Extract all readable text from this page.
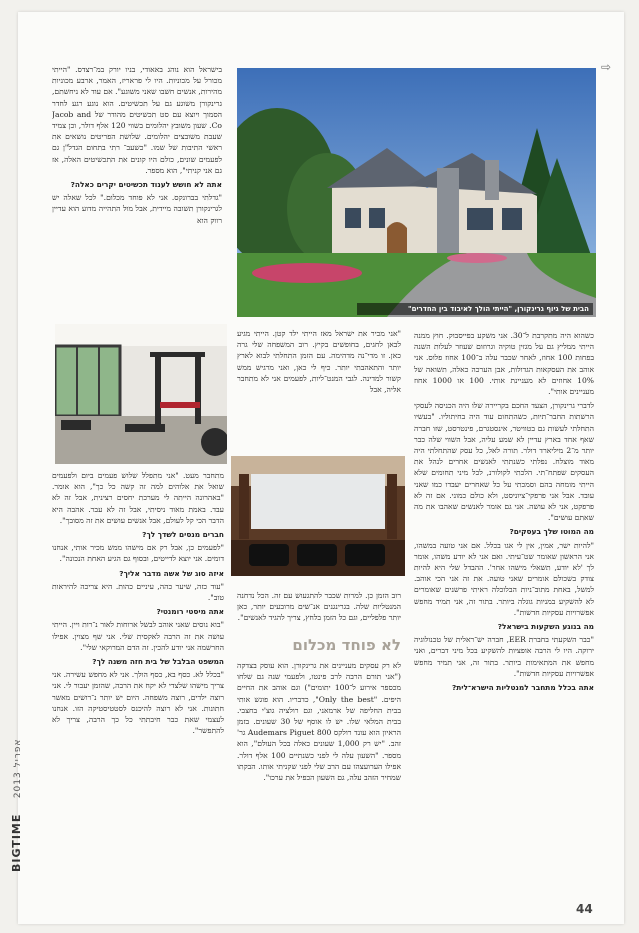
⇨

בישראל הוא נוהג באאודי, בניו יורק במ־רצדס. "הייתי מכורל על מכוניות. היו לי פראריז, האמר, ארבע מכוניות מהירות, אנשים חשבו שאני משוגע". אם עוד לא ניחשתם, גרינקורן משוגע גם על תכשיטים. הוא נוגע רגע לחדר הסמוך ויוצא עם סט תכשיטים מהודר של Jacob and Co. שעון משובץ יהלומים בשווי 120 אלף דולר, וכן צמיד שעבת משובצים יהלומים. שלושת הפריטים נושאים את ראשי התיבות של שמו. "כשעב־ רתי בתחום הגדל"ן גם לפעמים שונים, כולם היו קונים את התכשיטים האלה, אז גם אני קניתי", הוא מספר.

אתה לא חושש לענוד תכשיטים יקרים כאלה?

"גדלתי בברונקס. אני לא פוחד מכלום." לכל שאלה יש לגרינקורן תשובה מיידית, אבל מול התהייה מדוע הוא עדיין רווק הוא

הבית של גיוף גרינקורן, "הייתי הולך לאיבוד בין החדרים"

כשהוא היה מתקרבת ל־30. אני משקע בפייסבוק. חוץ ממנה הייתי ממליץ גם על מגזין טוקיה וגרוזום שעוזר לעלות השנה בפחות 100 אחוז, לאחר שכבר עלה ב־100 אחוז פלוס. אני אוהב את העסקאות הגדולות, אבן הערכה כאלה, תשואה של 10% אחוזים לא מעניינת אותי. 100 או 1000 אחוז מעניינים אותי".

לדברי גרינקורן, הצעד החכם בקריירה שלו היה הכניסה לעסקי הרשתות החבר־תיות, כשהתחום עוד היה בחיתוליו. "בעשיו התחלתי לעשות גם בטוויטר, אינסטגרם, פינטרסט, שזו חברה שאף אחד בארץ עדיין לא שמע עליה, אבל השווי שלה כבר יותר מ־2 מיליארד דולר. תורה לאל, כל עסק שהתחלתי היה מאוד מוצלח. נפלתי כשנתתי לאנשים אחרים לנהל את העסקים שפתח־תי. הלכתי לקולורנ, לכל מיני תחומים שלא הייתי מומחה בהם וסמכתי על כל שאחרים יעבדו כמו שאני עובד. אבל אני פרפקי־ציוניסט, ולא כולם כמוני. אם זה לא פרפקט, אני לא עושה. אני גם אומר לאנשים שאהבו את מה שאתם עושים".

מה המוטו שלך בעסקים?

"להיות ישר, אמין, אין לי אגו בכלל. אם אני טועה במשהו, אני הראשון שאומר שט־עיתי. ואם אני לא יודע משהו, אומר לך 'לא יודע, תשאלי מישהו אחר'. ההבדל שלי היא להיות צודק בשכולם אומרים שאני טועה. את זה אני הכי אוהב. למשל, באחת מתוב־ניות הבלוכלה ראיתי פרשנים שאומרים לא להשקיע במניות גוגלה ביותר. בתור זה, אני תמיד מחפש אפשרויות עסקיות חדשות".

מה בנוגע השקעות בישראל?

"כבר השקעתי בחברת EER, חברה יש־ראלית של טכנולוגיה ירוקה. היו לי הרבה אופציות להשקיע בכל מיני דברים, ואני מחפש את המתאימות ביותר. בתור זה, אני תמיד מחפש אפשרויות עסקיות חדשות".

אתה בכלל מתחבר למנטליות הישרא־לית?

"אני מכיר את ישראל מאז הייתי ילד קטן. הייתי מגיע לבאן לחגים, בחופשים בקיץ. רוב המשפחה שלי גרה כאן. זו מדי־נה מדהימה. עם הזמן התחלתי לבוא לארץ יותר והתאהבתי יותר. כיף לי כאן, ואני מרגיש ממש קשור למדינה. לגבי המנט־ליות, לפעמים אני לא מתחבר אליה, אבל

מתחבר מעט. "אני מתפלל שלוש פעמים ביום ולפעמים שואל את אלוהים למה זה קשה כל כך", הוא אומר. "באהרונה הייתה לי מערכת יחסים רצינית, אבל זה לא עבד. באמת מאוד ניסיתי, אבל זה לא עבר. אהבה היא הדבר הכי קל לעולם, אבל אנשים עושים את זה מסובך".

חברים מנסים לשדך לך?

"לפעמים כן, אבל רק אם מישהו ממש מכיר אותי, אנחנו דומים. אני יוצא לדייטים, ובסוף גם הגיע האחת הנכונה".

איזה סוג של אשה מדבר אליך?

"עוד כזה, שיער כהה, עיניים כהות. היא צריכה להיראות טוב".

אתה מיסטי רומנטי?

"בוא נוסים שאני אוהב לבשל ארוחות לאור נ־רות ויין. הייתי עושה את זה הרבה לאקסית שלי. אני שף מצוין. אפילו החרשמה אני יודע להכין. זה הדם המרוקאי שלי".

המשפט הבלבל של בית חזה משנה לך?

"בכלל לא. כסף בא, כסף הולך. אני לא מחפש עשירה. אני צריך מישהו שלצדי לא יקח את הרבה, שהזמן יעבור לי. אני רוצה ילדים, רוצה משפחה. היום יש יותר נ־רושים מאשר חתונות. אני לא רוצה להיכנס לסטטיסטיקה הזו. אנחנו לעצמי שאת כבר חיבתתי כל כך הרבה, צריך לא להתפשר".

רוב הזמן כן. למרות שכבר להתגעוש עם זה. הכל נדחנה המנטליות שלה. בגרינגנים אנ־שים מרובעים יותר, כאן יותר פלפליים, וגם כל הזמן בלחץ, צריך להגיד לאנשים".

לא פוחד מכלום

לא רק עסקים מעניינים את גרינקורן. הוא עוסק בצדקה ("אני תורם הרבה לרב פינטו, ולפעמי שנה גם שלחו מכספר אירוע ל־100 יתומים") וגם אוהב את החיים היפים. "Only the best", כדבריו. הוא פוגש אותי בבית החליפה של ארמאני, וגם רולציה גוצ'י בחצבי. בבית המלאי שלו. יש לו אוסף של 30 שעונים. בזמן הראיון הוא עונד רולקס 800 Audemars Piguet גר' זהב. "יש רק 1,000 שעונים כאלה בכל העולם", הוא מספר. "השעון עלה לי לפני כשנתיים 100 אלף דולר. אפילו הערועצהו עם הרב שלי לפני שקניתי אותו. הבקתו שמחיר הזהב עלה, גם השעון הכפיל את ערכו".

BIGTIME    אפריל 2013
44
